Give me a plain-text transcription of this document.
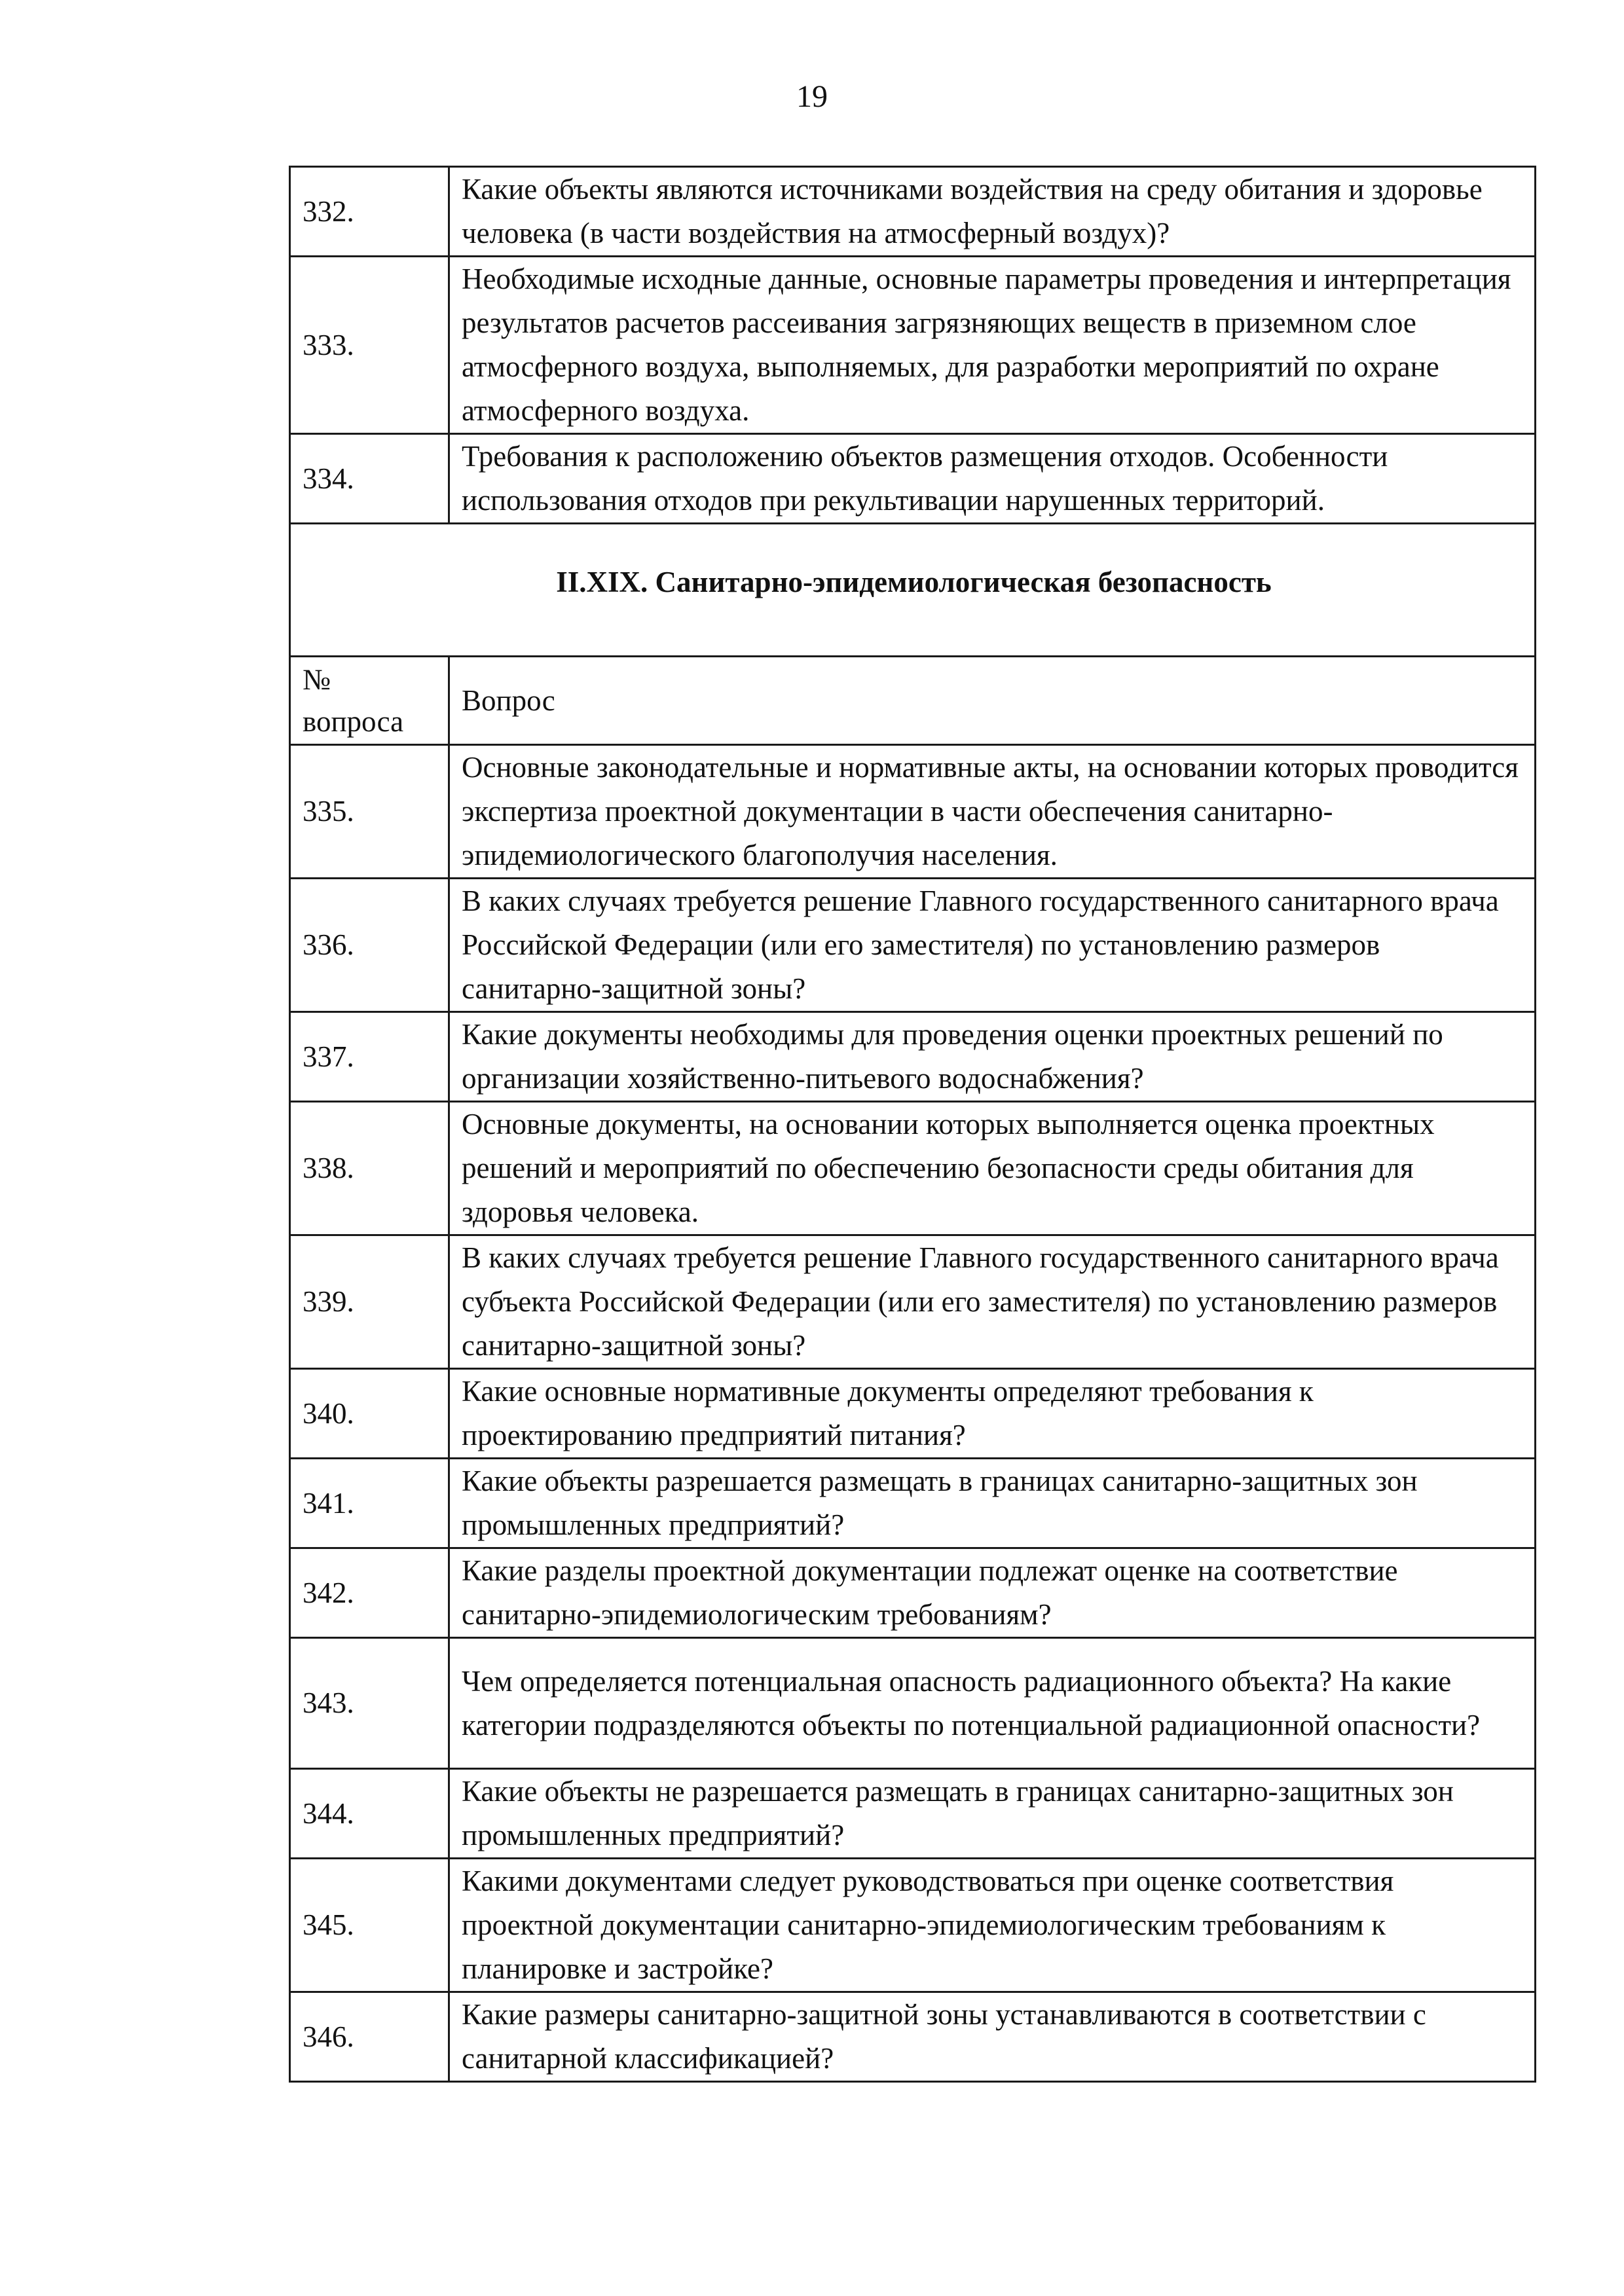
19
332.	Какие объекты являются источниками воздействия на среду обитания и здоровье человека (в части воздействия на атмосферный воздух)?
333.	Необходимые исходные данные, основные параметры проведения и интерпретация результатов расчетов рассеивания загрязняющих веществ в приземном слое атмосферного воздуха, выполняемых, для разработки мероприятий по охране атмосферного воздуха.
334.	Требования к расположению объектов размещения отходов. Особенности использования отходов при рекультивации нарушенных территорий.
II.XIX. Санитарно-эпидемиологическая безопасность	
№ вопроса	Вопрос
335.	Основные законодательные и нормативные акты, на основании которых проводится экспертиза проектной документации в части обеспечения санитарно-эпидемиологического благополучия населения.
336.	В каких случаях требуется решение Главного государственного санитарного врача Российской Федерации (или его заместителя) по установлению размеров санитарно-защитной зоны?
337.	Какие документы необходимы для проведения оценки проектных решений по организации хозяйственно-питьевого водоснабжения?
338.	Основные документы, на основании которых выполняется оценка проектных решений и мероприятий по обеспечению безопасности среды обитания для здоровья человека.
339.	В каких случаях требуется решение Главного государственного санитарного врача субъекта Российской Федерации (или его заместителя) по установлению размеров санитарно-защитной зоны?
340.	Какие основные нормативные документы определяют требования к проектированию предприятий питания?
341.	Какие объекты разрешается размещать в границах санитарно-защитных зон промышленных предприятий?
342.	Какие разделы проектной документации подлежат оценке на соответствие санитарно-эпидемиологическим требованиям?
343.	Чем определяется потенциальная опасность радиационного объекта? На какие категории подразделяются объекты по потенциальной радиационной опасности?
344.	Какие объекты не разрешается размещать в границах санитарно-защитных зон промышленных предприятий?
345.	Какими документами следует руководствоваться при оценке соответствия проектной документации санитарно-эпидемиологическим требованиям к планировке и застройке?
346.	Какие размеры санитарно-защитной зоны устанавливаются в соответствии с санитарной классификацией?
